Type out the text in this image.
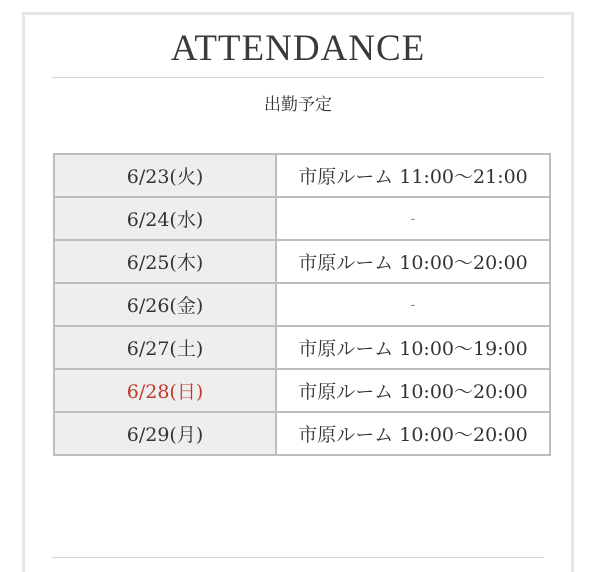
ATTENDANCE
出勤予定
6/23(火)	市原ルーム 11:00〜21:00
6/24(水)	-
6/25(木)	市原ルーム 10:00〜20:00
6/26(金)	-
6/27(土)	市原ルーム 10:00〜19:00
6/28(日)	市原ルーム 10:00〜20:00
6/29(月)	市原ルーム 10:00〜20:00
